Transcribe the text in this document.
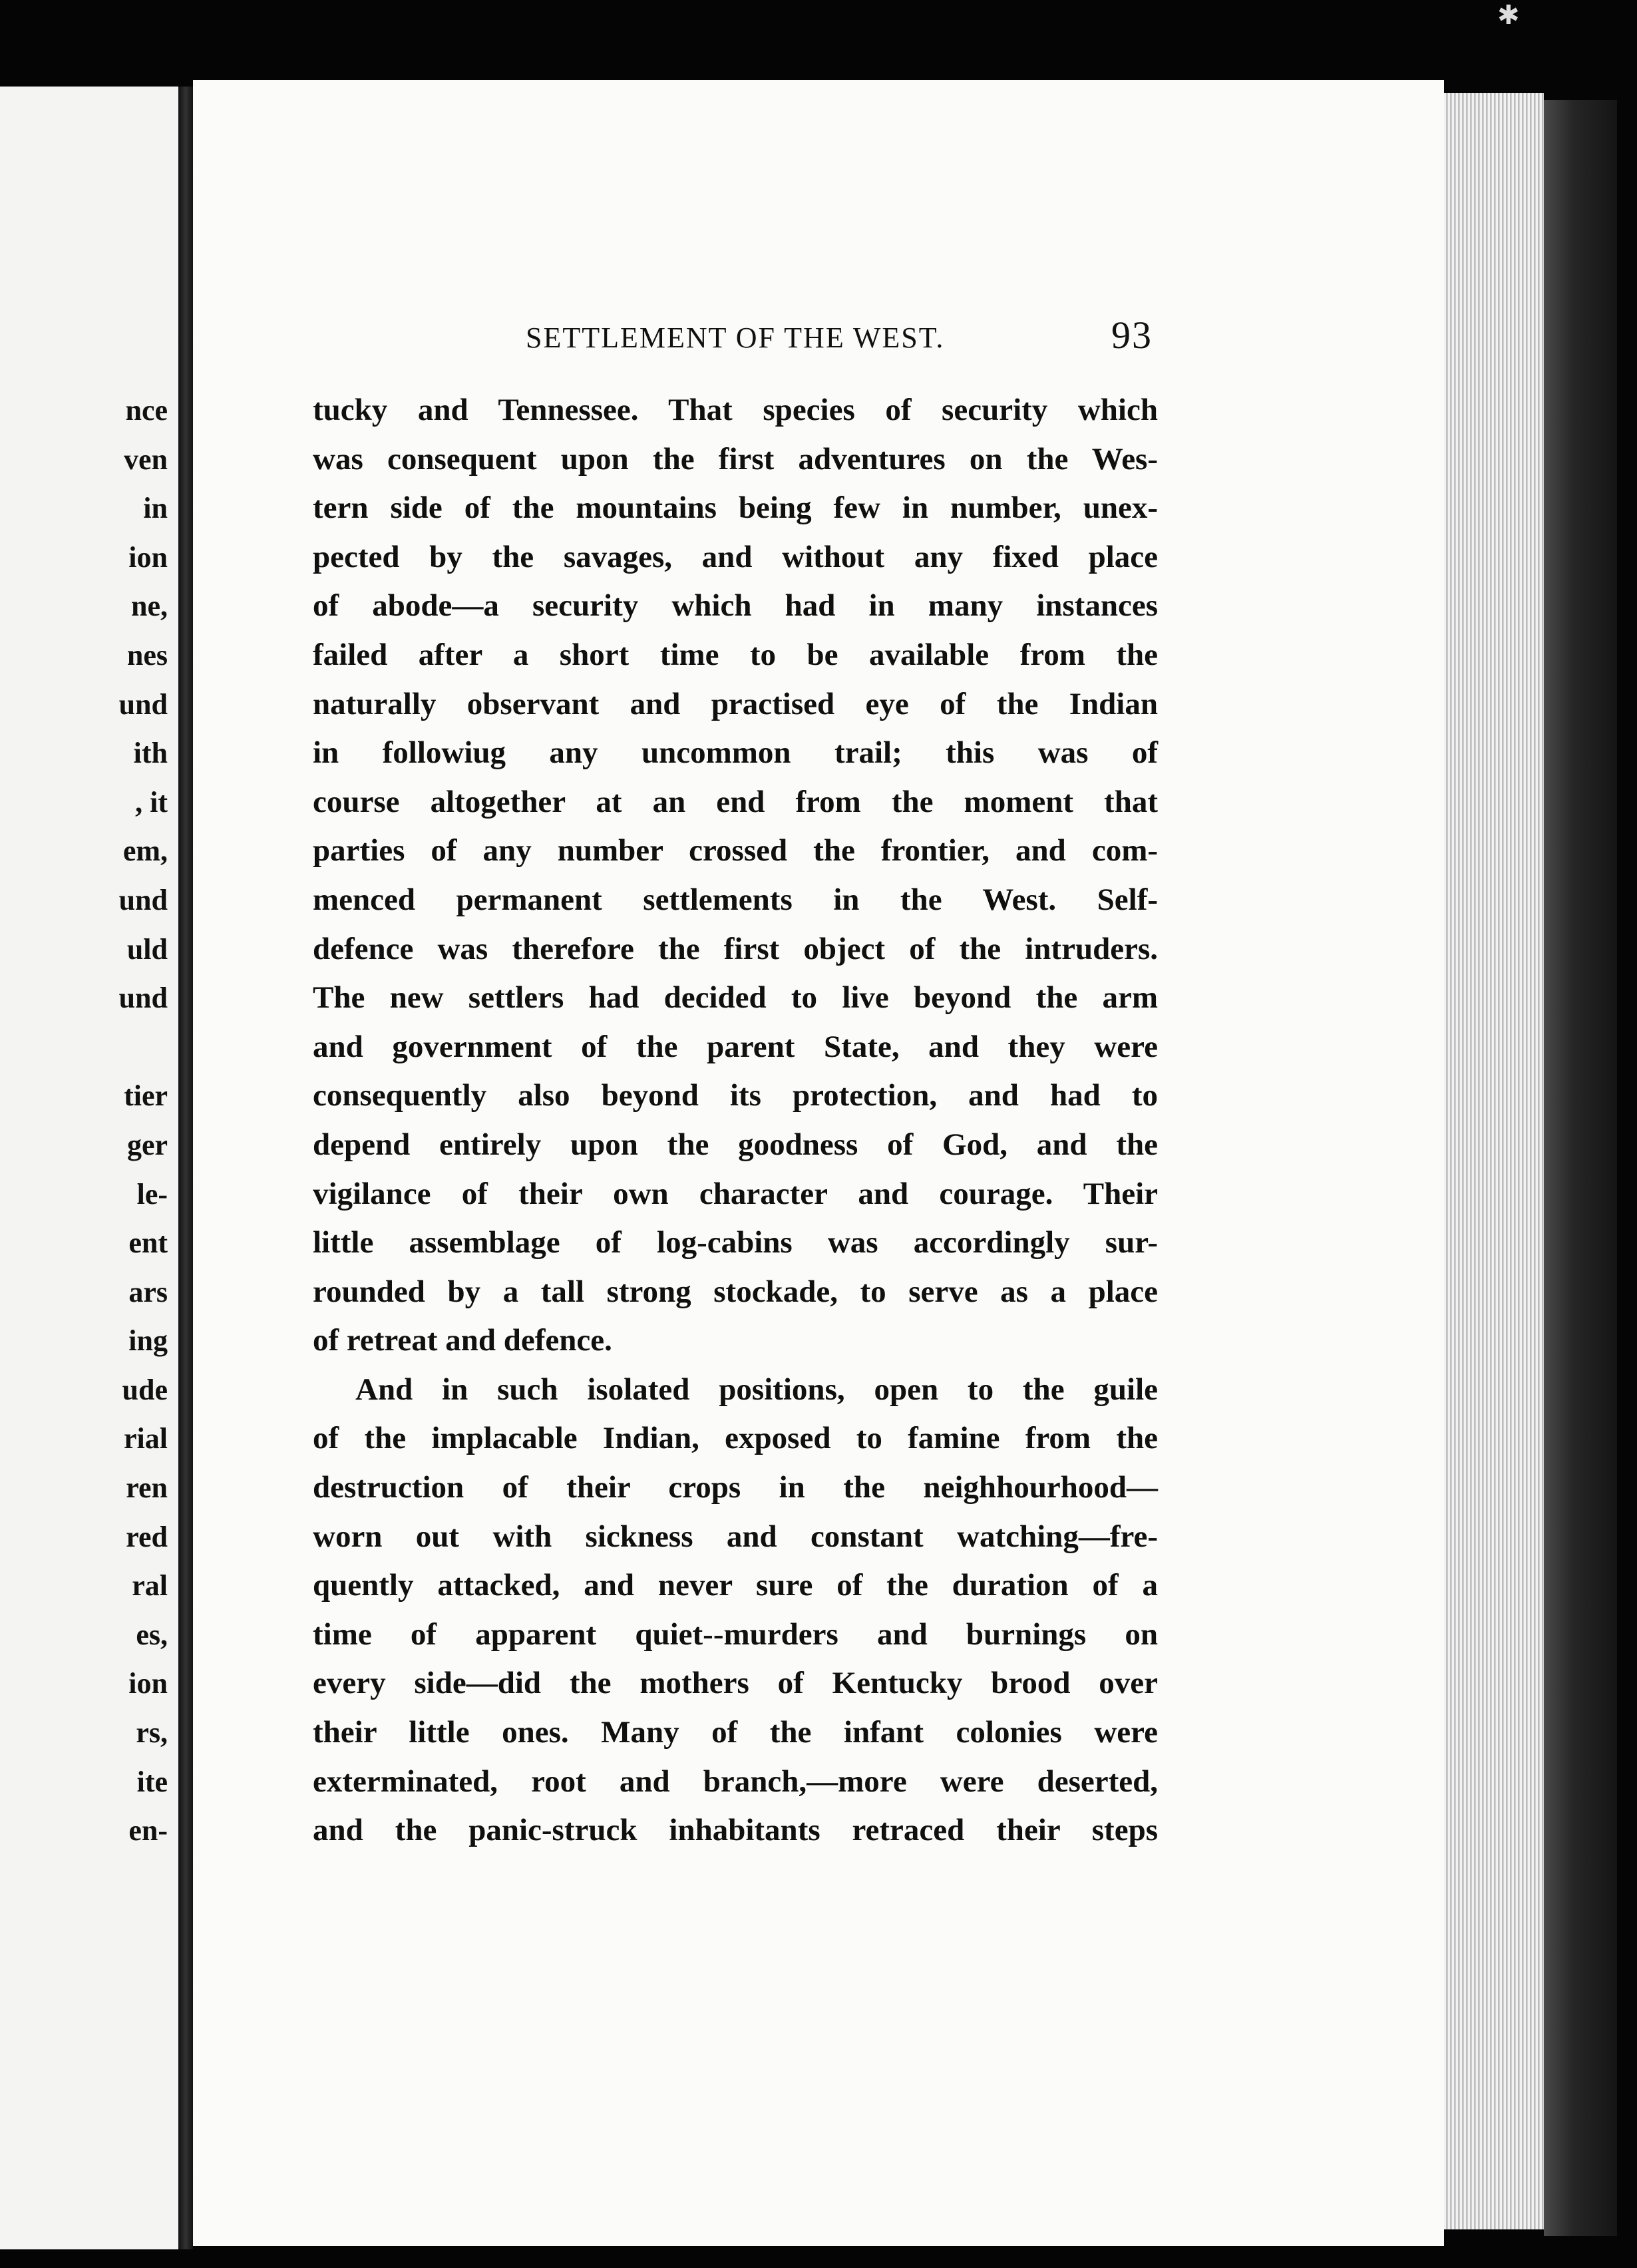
✱
nce
ven
in
ion
ne,
nes
und
ith
, it
em,
und
uld
und
tier
ger
le-
ent
ars
ing
ude
rial
ren
red
ral
es,
ion
rs,
ite
en-
SETTLEMENT OF THE WEST.	93
tucky and Tennessee. That species of security which
was consequent upon the first adventures on the Wes-
tern side of the mountains being few in number, unex-
pected by the savages, and without any fixed place
of abode—a security which had in many instances
failed after a short time to be available from the
naturally observant and practised eye of the Indian
in followiug any uncommon trail; this was of
course altogether at an end from the moment that
parties of any number crossed the frontier, and com-
menced permanent settlements in the West. Self-
defence was therefore the first object of the intruders.
The new settlers had decided to live beyond the arm
and government of the parent State, and they were
consequently also beyond its protection, and had to
depend entirely upon the goodness of God, and the
vigilance of their own character and courage. Their
little assemblage of log-cabins was accordingly sur-
rounded by a tall strong stockade, to serve as a place
of retreat and defence.
And in such isolated positions, open to the guile
of the implacable Indian, exposed to famine from the
destruction of their crops in the neighhourhood—
worn out with sickness and constant watching—fre-
quently attacked, and never sure of the duration of a
time of apparent quiet--murders and burnings on
every side—did the mothers of Kentucky brood over
their little ones. Many of the infant colonies were
exterminated, root and branch,—more were deserted,
and the panic-struck inhabitants retraced their steps
